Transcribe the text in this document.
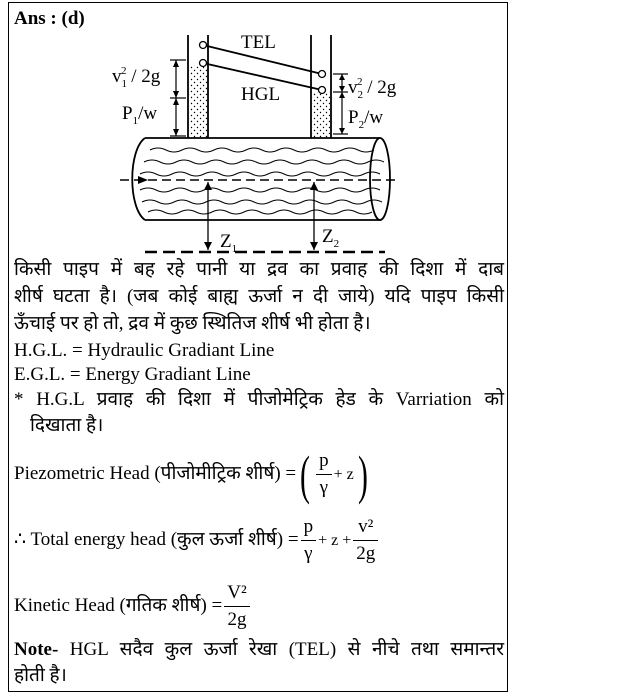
Ans : (d)
TEL
HGL
$v_12 / 2g$
$P_1/w$
$v_22 / 2g$
$P_2/w$
$Z_1$
$Z_2$
किसी पाइप में बह रहे पानी या द्रव का प्रवाह की दिशा में दाब
शीर्ष घटता है। (जब कोई बाह्य ऊर्जा न दी जाये) यदि पाइप किसी
ऊँचाई पर हो तो, द्रव में कुछ स्थितिज शीर्ष भी होता है।
H.G.L. = Hydraulic Gradiant Line
E.G.L. = Energy Gradiant Line
* H.G.L प्रवाह की दिशा में पीजोमेट्रिक हेड के Varriation को
दिखाता है।
Piezometric Head (पीजोमीट्रिक शीर्ष) =( $\frac{p}{\gamma} + z$)
∴ Total energy head (कुल ऊर्जा शीर्ष) = $\frac{p}{\gamma} + z + \frac{\text{v²}}{2g}$
Kinetic Head (गतिक शीर्ष) = $\frac{\text{V²}}{2g}$
Note- HGL सदैव कुल ऊर्जा रेखा (TEL) से नीचे तथा समान्तर
होती है।
